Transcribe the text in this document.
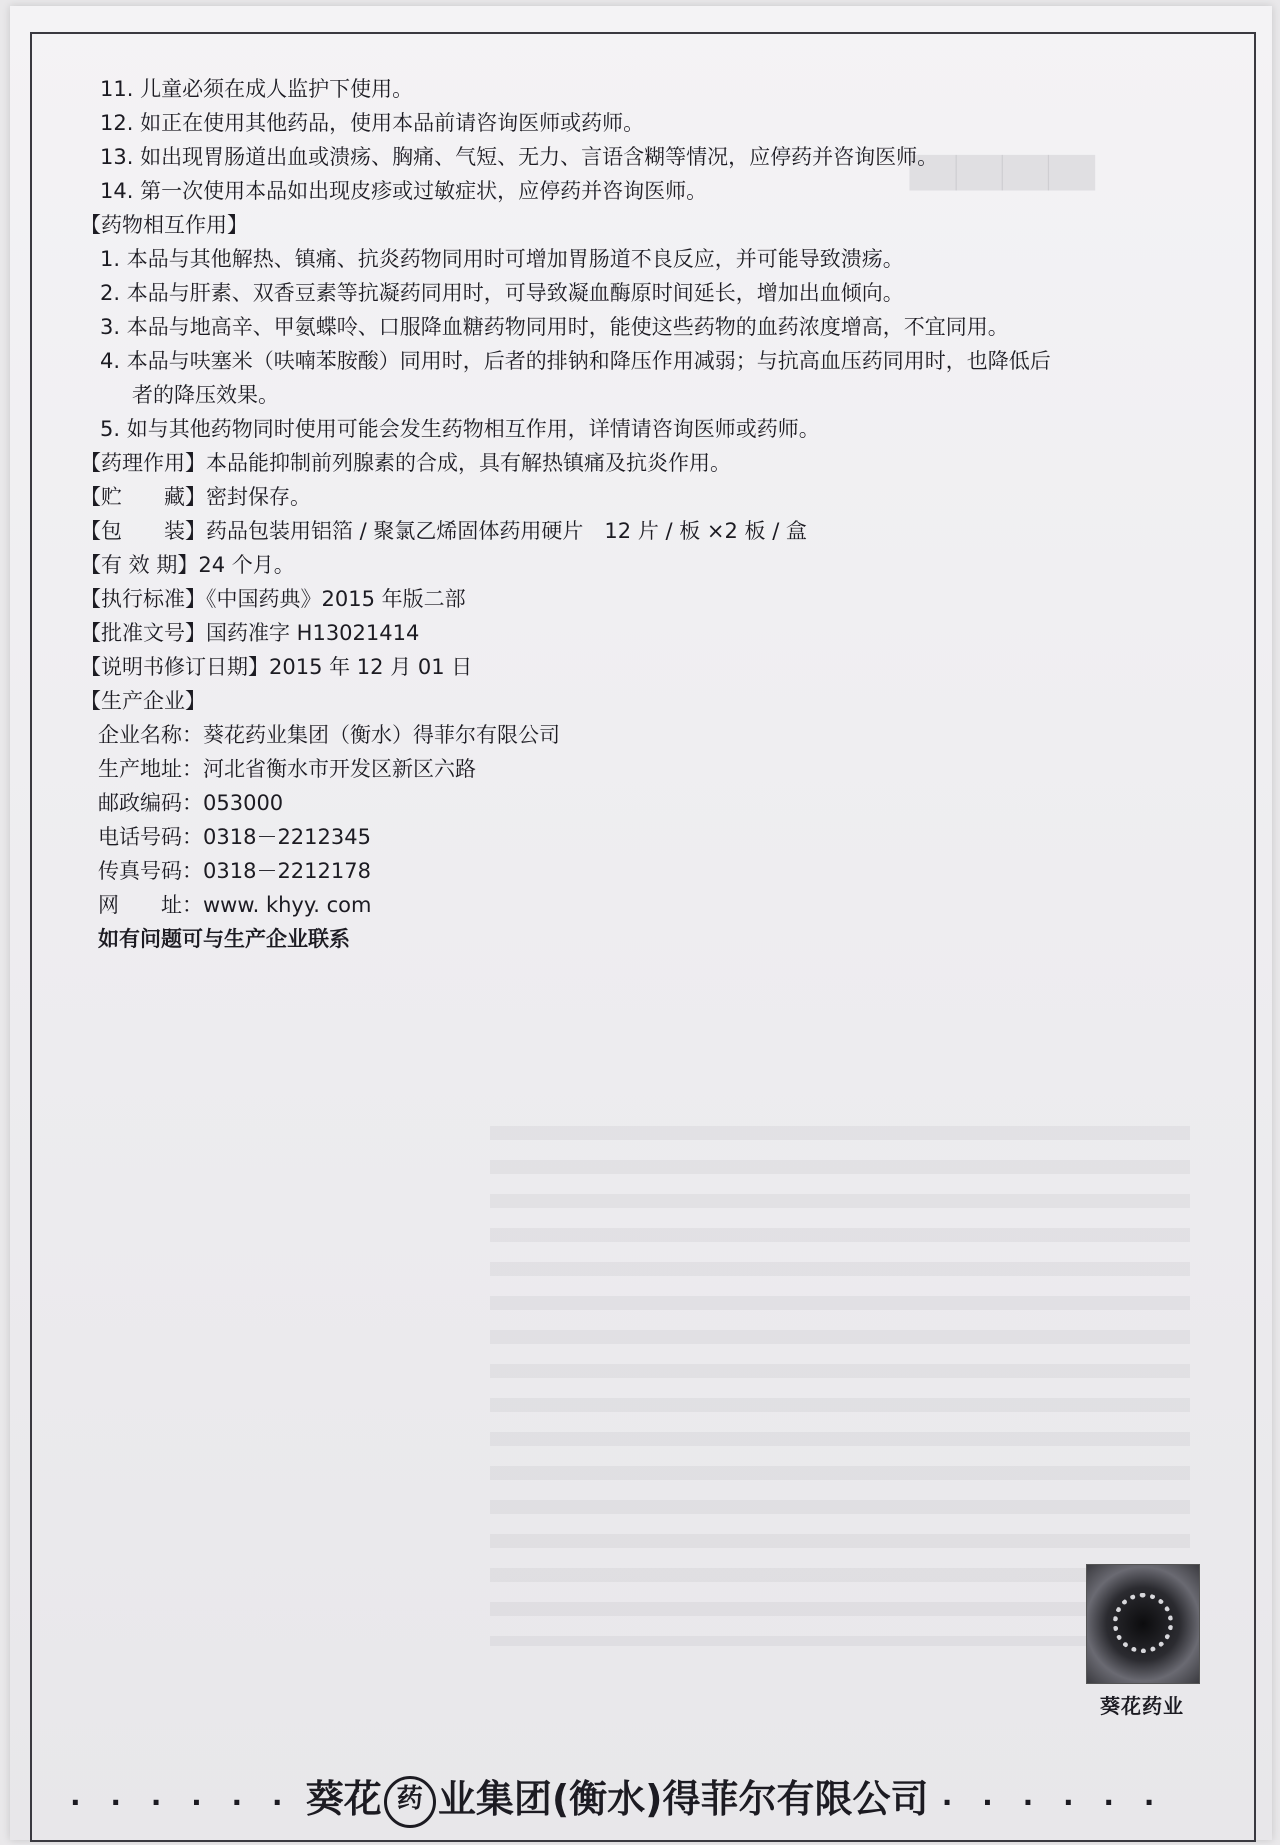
▀▀▀▀
11. 儿童必须在成人监护下使用。
12. 如正在使用其他药品，使用本品前请咨询医师或药师。
13. 如出现胃肠道出血或溃疡、胸痛、气短、无力、言语含糊等情况，应停药并咨询医师。
14. 第一次使用本品如出现皮疹或过敏症状，应停药并咨询医师。
【药物相互作用】
1. 本品与其他解热、镇痛、抗炎药物同用时可增加胃肠道不良反应，并可能导致溃疡。
2. 本品与肝素、双香豆素等抗凝药同用时，可导致凝血酶原时间延长，增加出血倾向。
3. 本品与地高辛、甲氨蝶呤、口服降血糖药物同用时，能使这些药物的血药浓度增高，不宜同用。
4. 本品与呋塞米（呋喃苯胺酸）同用时，后者的排钠和降压作用减弱；与抗高血压药同用时，也降低后
者的降压效果。
5. 如与其他药物同时使用可能会发生药物相互作用，详情请咨询医师或药师。
【药理作用】本品能抑制前列腺素的合成，具有解热镇痛及抗炎作用。
【贮　　藏】密封保存。
【包　　装】药品包装用铝箔 / 聚氯乙烯固体药用硬片　12 片 / 板 ×2 板 / 盒
【有 效 期】24 个月。
【执行标准】《中国药典》2015 年版二部
【批准文号】国药准字 H13021414
【说明书修订日期】2015 年 12 月 01 日
【生产企业】
企业名称：葵花药业集团（衡水）得菲尔有限公司
生产地址：河北省衡水市开发区新区六路
邮政编码：053000
电话号码：0318－2212345
传真号码：0318－2212178
网　　址：www. khyy. com
如有问题可与生产企业联系
葵花药业
· · · · · · 葵花 药 业集团(衡水)得菲尔有限公司 · · · · · ·
